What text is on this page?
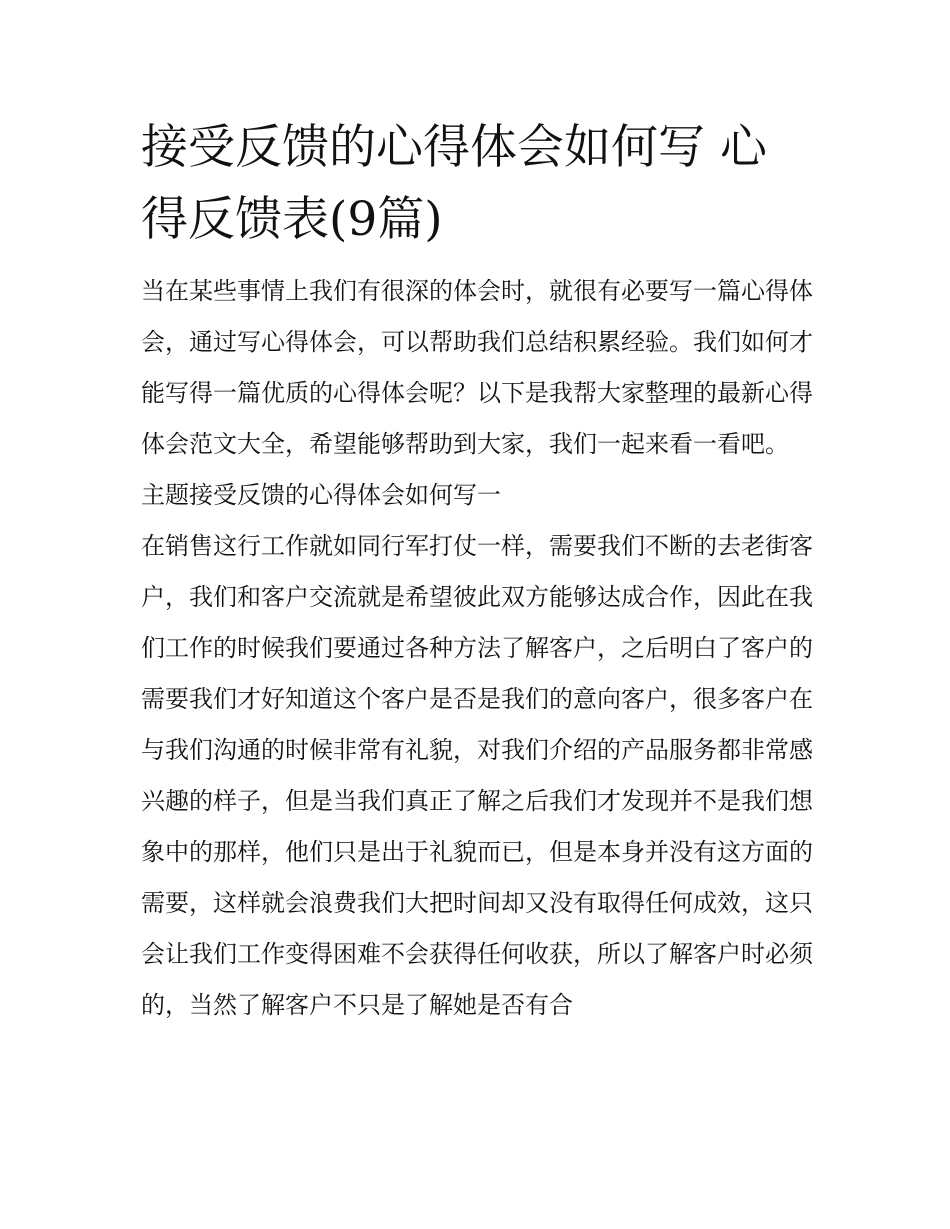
接受反馈的心得体会如何写 心得反馈表(9篇)

当在某些事情上我们有很深的体会时，就很有必要写一篇心得体会，通过写心得体会，可以帮助我们总结积累经验。我们如何才能写得一篇优质的心得体会呢？以下是我帮大家整理的最新心得体会范文大全，希望能够帮助到大家，我们一起来看一看吧。

主题接受反馈的心得体会如何写一

在销售这行工作就如同行军打仗一样，需要我们不断的去老街客户，我们和客户交流就是希望彼此双方能够达成合作，因此在我们工作的时候我们要通过各种方法了解客户，之后明白了客户的需要我们才好知道这个客户是否是我们的意向客户，很多客户在与我们沟通的时候非常有礼貌，对我们介绍的产品服务都非常感兴趣的样子，但是当我们真正了解之后我们才发现并不是我们想象中的那样，他们只是出于礼貌而已，但是本身并没有这方面的需要，这样就会浪费我们大把时间却又没有取得任何成效，这只会让我们工作变得困难不会获得任何收获，所以了解客户时必须的，当然了解客户不只是了解她是否有合
